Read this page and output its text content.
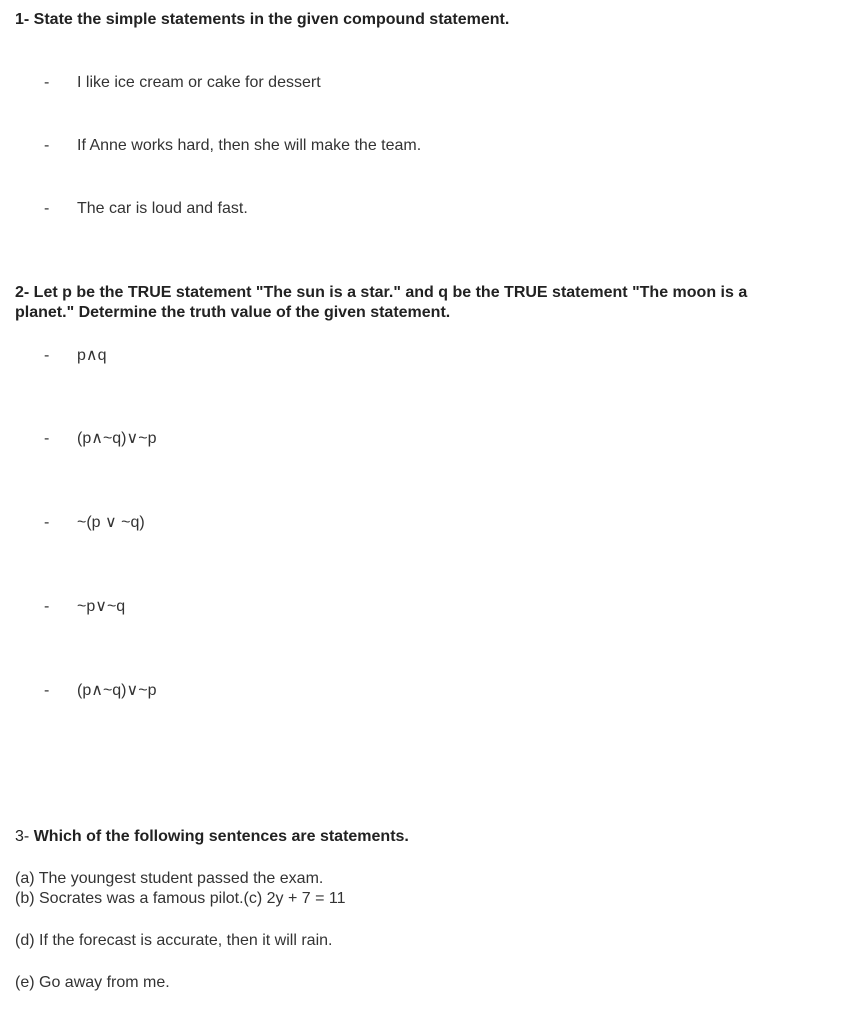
1- State the simple statements in the given compound statement.
- I like ice cream or cake for dessert
- If Anne works hard, then she will make the team.
- The car is loud and fast.
2- Let p be the TRUE statement "The sun is a star." and q be the TRUE statement "The moon is a
planet." Determine the truth value of the given statement.
- p∧q
- (p∧~q)∨~p
- ~(p ∨ ~q)
- ~p∨~q
- (p∧~q)∨~p
3- Which of the following sentences are statements.
(a) The youngest student passed the exam.
(b) Socrates was a famous pilot.(c) 2y + 7 = 11
(d) If the forecast is accurate, then it will rain.
(e) Go away from me.
